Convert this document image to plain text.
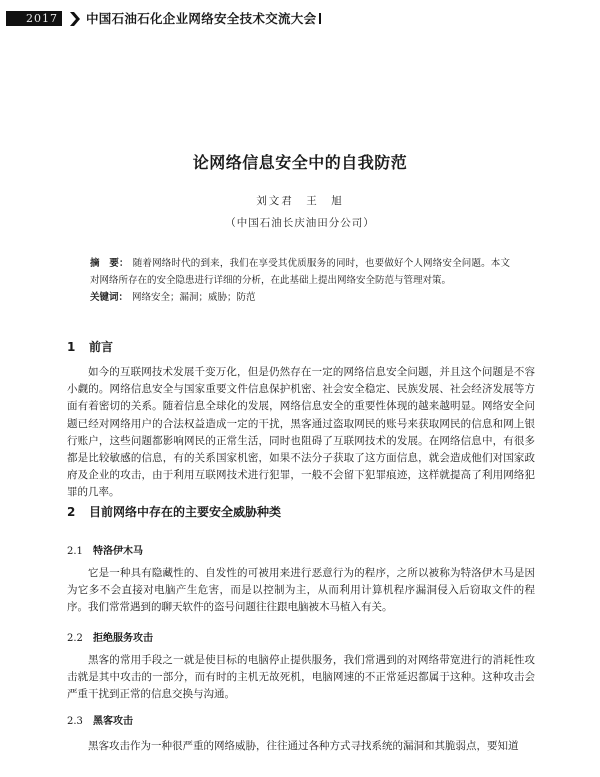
2017	中国石油石化企业网络安全技术交流大会
论网络信息安全中的自我防范
刘文君　王　旭
（中国石油长庆油田分公司）
摘　要： 随着网络时代的到来，我们在享受其优质服务的同时，也要做好个人网络安全问题。本文对网络所存在的安全隐患进行详细的分析，在此基础上提出网络安全防范与管理对策。
关键词： 网络安全；漏洞；威胁；防范
1 前言

如今的互联网技术发展千变万化，但是仍然存在一定的网络信息安全问题，并且这个问题是不容小觑的。网络信息安全与国家重要文件信息保护机密、社会安全稳定、民族发展、社会经济发展等方面有着密切的关系。随着信息全球化的发展，网络信息安全的重要性体现的越来越明显。网络安全问题已经对网络用户的合法权益造成一定的干扰，黑客通过盗取网民的账号来获取网民的信息和网上银行账户，这些问题都影响网民的正常生活，同时也阻碍了互联网技术的发展。在网络信息中，有很多都是比较敏感的信息，有的关系国家机密，如果不法分子获取了这方面信息，就会造成他们对国家政府及企业的攻击，由于利用互联网技术进行犯罪，一般不会留下犯罪痕迹，这样就提高了利用网络犯罪的几率。

2 目前网络中存在的主要安全威胁种类
2.1 特洛伊木马

它是一种具有隐藏性的、自发性的可被用来进行恶意行为的程序，之所以被称为特洛伊木马是因为它多不会直接对电脑产生危害，而是以控制为主，从而利用计算机程序漏洞侵入后窃取文件的程序。我们常常遇到的聊天软件的盗号问题往往跟电脑被木马植入有关。

2.2 拒绝服务攻击

黑客的常用手段之一就是使目标的电脑停止提供服务，我们常遇到的对网络带宽进行的消耗性攻击就是其中攻击的一部分，而有时的主机无故死机，电脑网速的不正常延迟都属于这种。这种攻击会严重干扰到正常的信息交换与沟通。

2.3 黑客攻击

黑客攻击作为一种很严重的网络威胁，往往通过各种方式寻找系统的漏洞和其脆弱点，要知道
